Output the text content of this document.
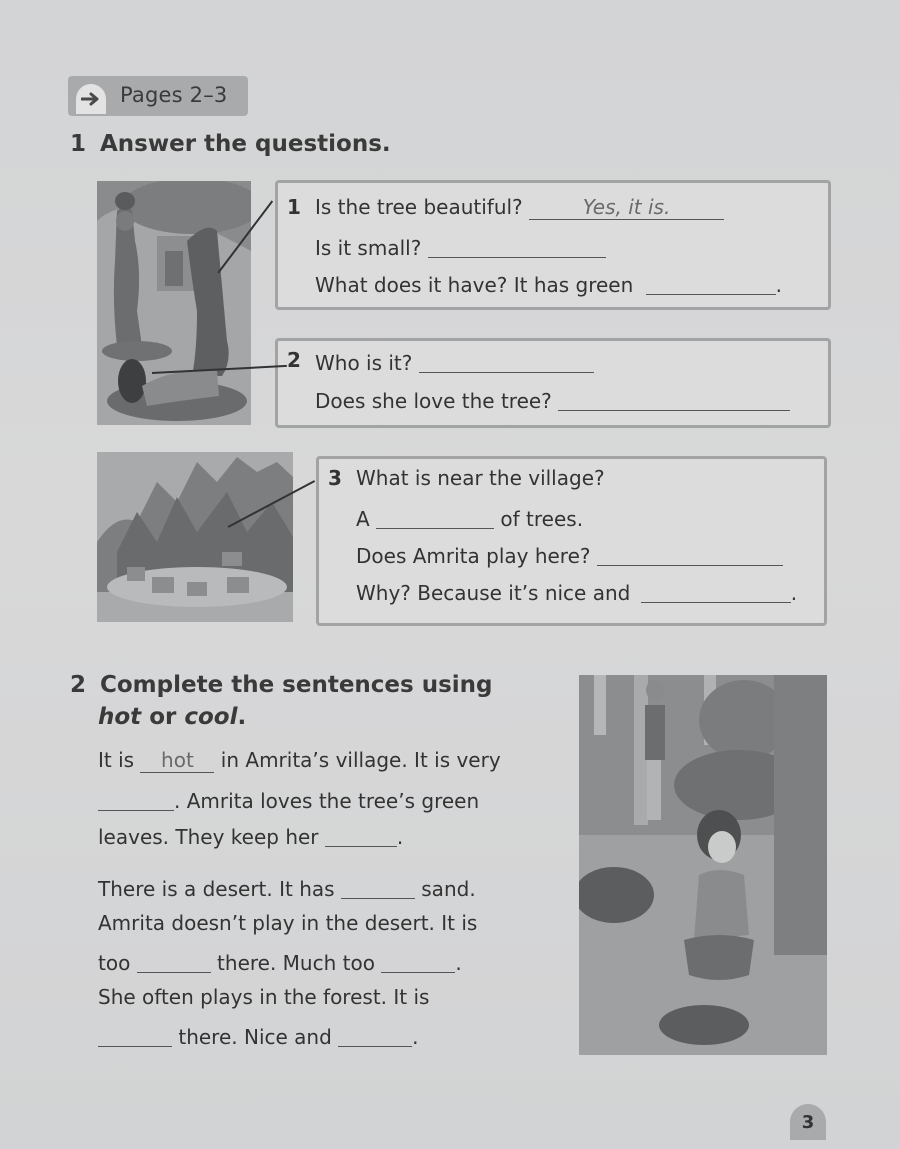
Pages 2–3
1 Answer the questions.
1 Is the tree beautiful?	Yes, it is.
Is it small?
What does it have? It has green	.
2 Who is it?
Does she love the tree?
3 What is near the village?
A	of trees.
Does Amrita play here?
Why? Because it’s nice and	.
2 Complete the sentences using
hot or cool.
It is hot in Amrita’s village. It is very
. Amrita loves the tree’s green
leaves. They keep her	.
There is a desert. It has	sand.
Amrita doesn’t play in the desert. It is
too	there. Much too	.
She often plays in the forest. It is
there. Nice and	.
3
